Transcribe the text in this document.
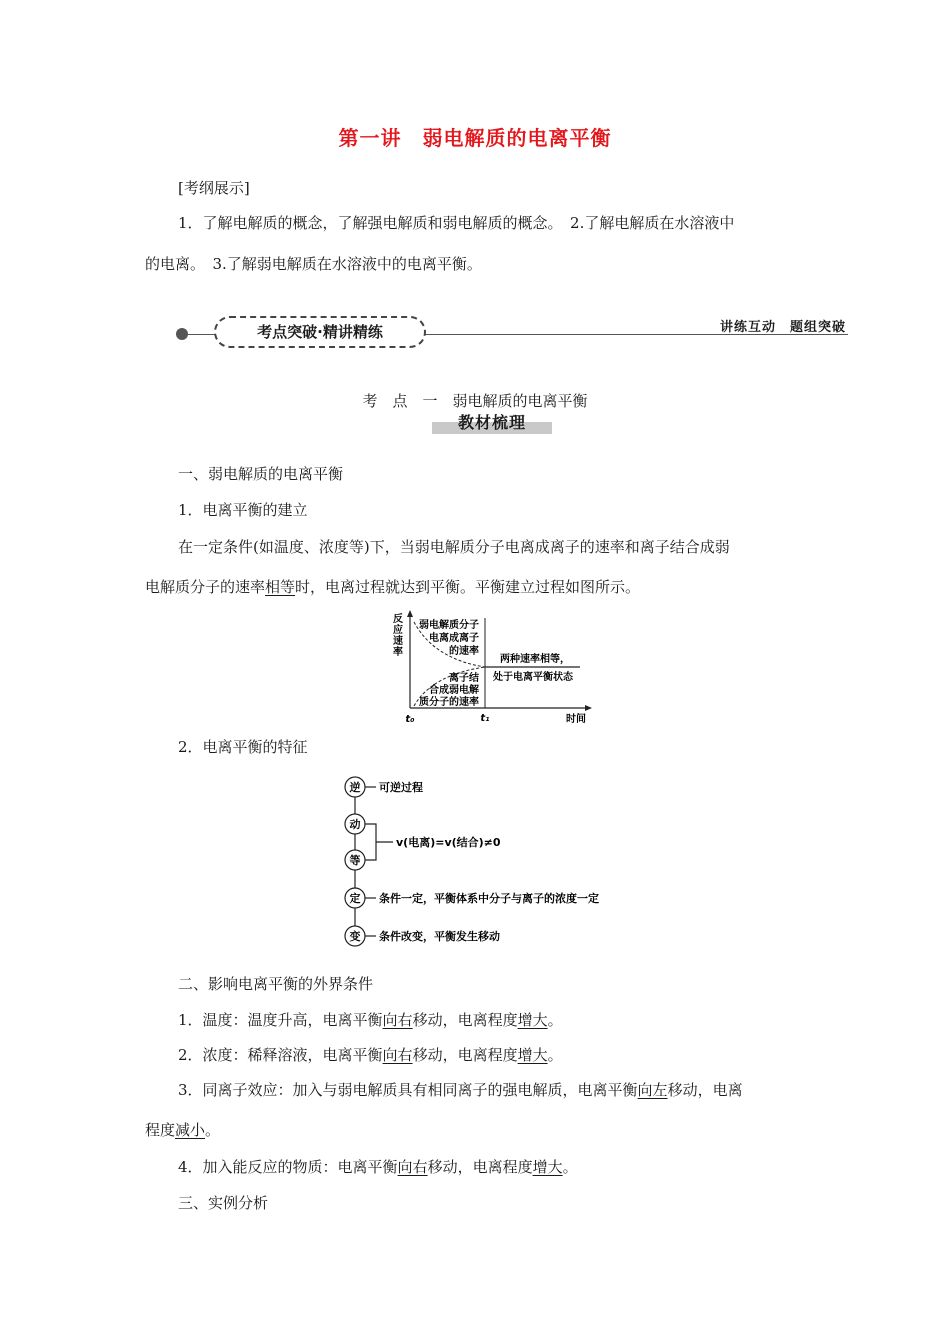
第一讲　弱电解质的电离平衡
[考纲展示]
1．了解电解质的概念，了解强电解质和弱电解质的概念。　2.了解电解质在水溶液中
的电离。　3.了解弱电解质在水溶液中的电离平衡。
考点突破·精讲精练	讲练互动　题组突破
考　点　一　弱电解质的电离平衡
教材梳理
一、弱电解质的电离平衡
1．电离平衡的建立
在一定条件(如温度、浓度等)下，当弱电解质分子电离成离子的速率和离子结合成弱
电解质分子的速率相等时，电离过程就达到平衡。平衡建立过程如图所示。
反
应
速
率
弱电解质分子
电离成离子
的速率
离子结
合成弱电解
质分子的速率
两种速率相等，
处于电离平衡状态
t₀	t₁	时间
2．电离平衡的特征
逆
动
等
定
变
可逆过程
v(电离)=v(结合)≠0
条件一定，平衡体系中分子与离子的浓度一定
条件改变，平衡发生移动
二、影响电离平衡的外界条件
1．温度：温度升高，电离平衡向右移动，电离程度增大。
2．浓度：稀释溶液，电离平衡向右移动，电离程度增大。
3．同离子效应：加入与弱电解质具有相同离子的强电解质，电离平衡向左移动，电离
程度减小。
4．加入能反应的物质：电离平衡向右移动，电离程度增大。
三、实例分析
